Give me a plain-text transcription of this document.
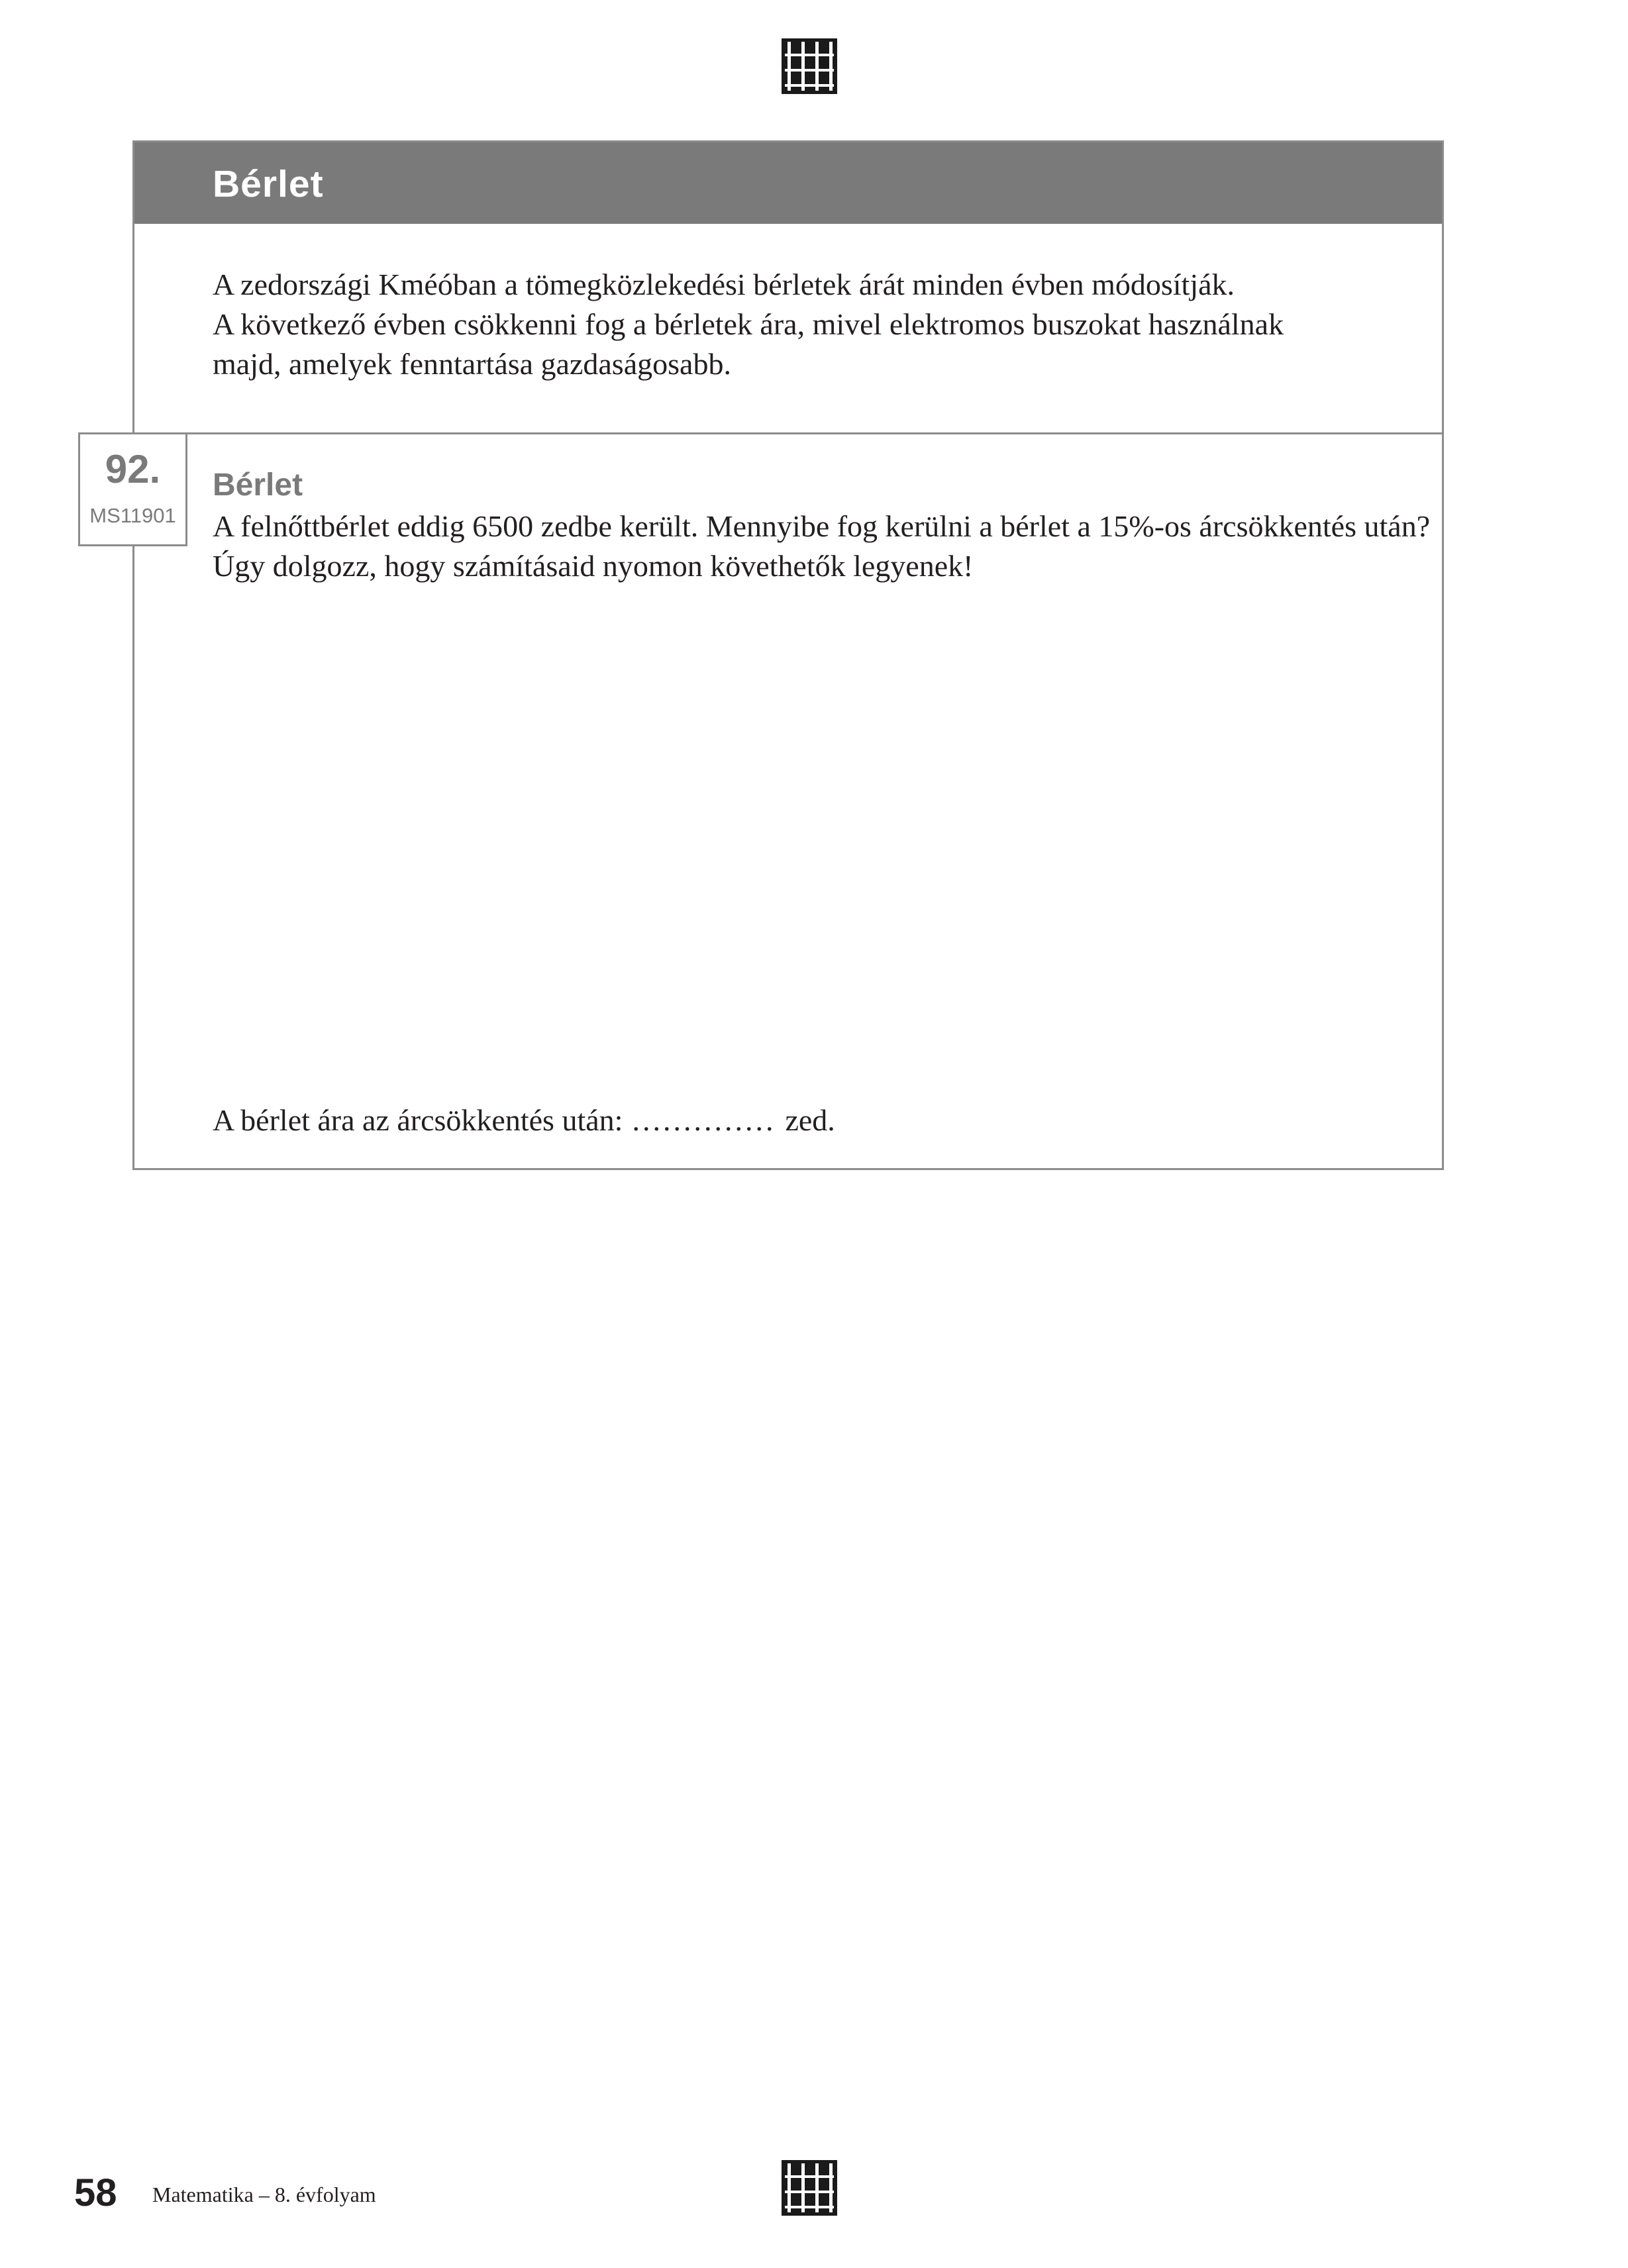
Bérlet

A zedországi Kméóban a tömegközlekedési bérletek árát minden évben módosítják.

A következő évben csökkenni fog a bérletek ára, mivel elektromos buszokat használnak

majd, amelyek fenntartása gazdaságosabb.

Bérlet

A felnőttbérlet eddig 6500 zedbe került. Mennyibe fog kerülni a bérlet a 15%-os árcsökkentés után? Úgy dolgozz, hogy számításaid nyomon követhetők legyenek!

A bérlet ára az árcsökkentés után: .............. zed.
92.
MS11901
58 Matematika – 8. évfolyam
